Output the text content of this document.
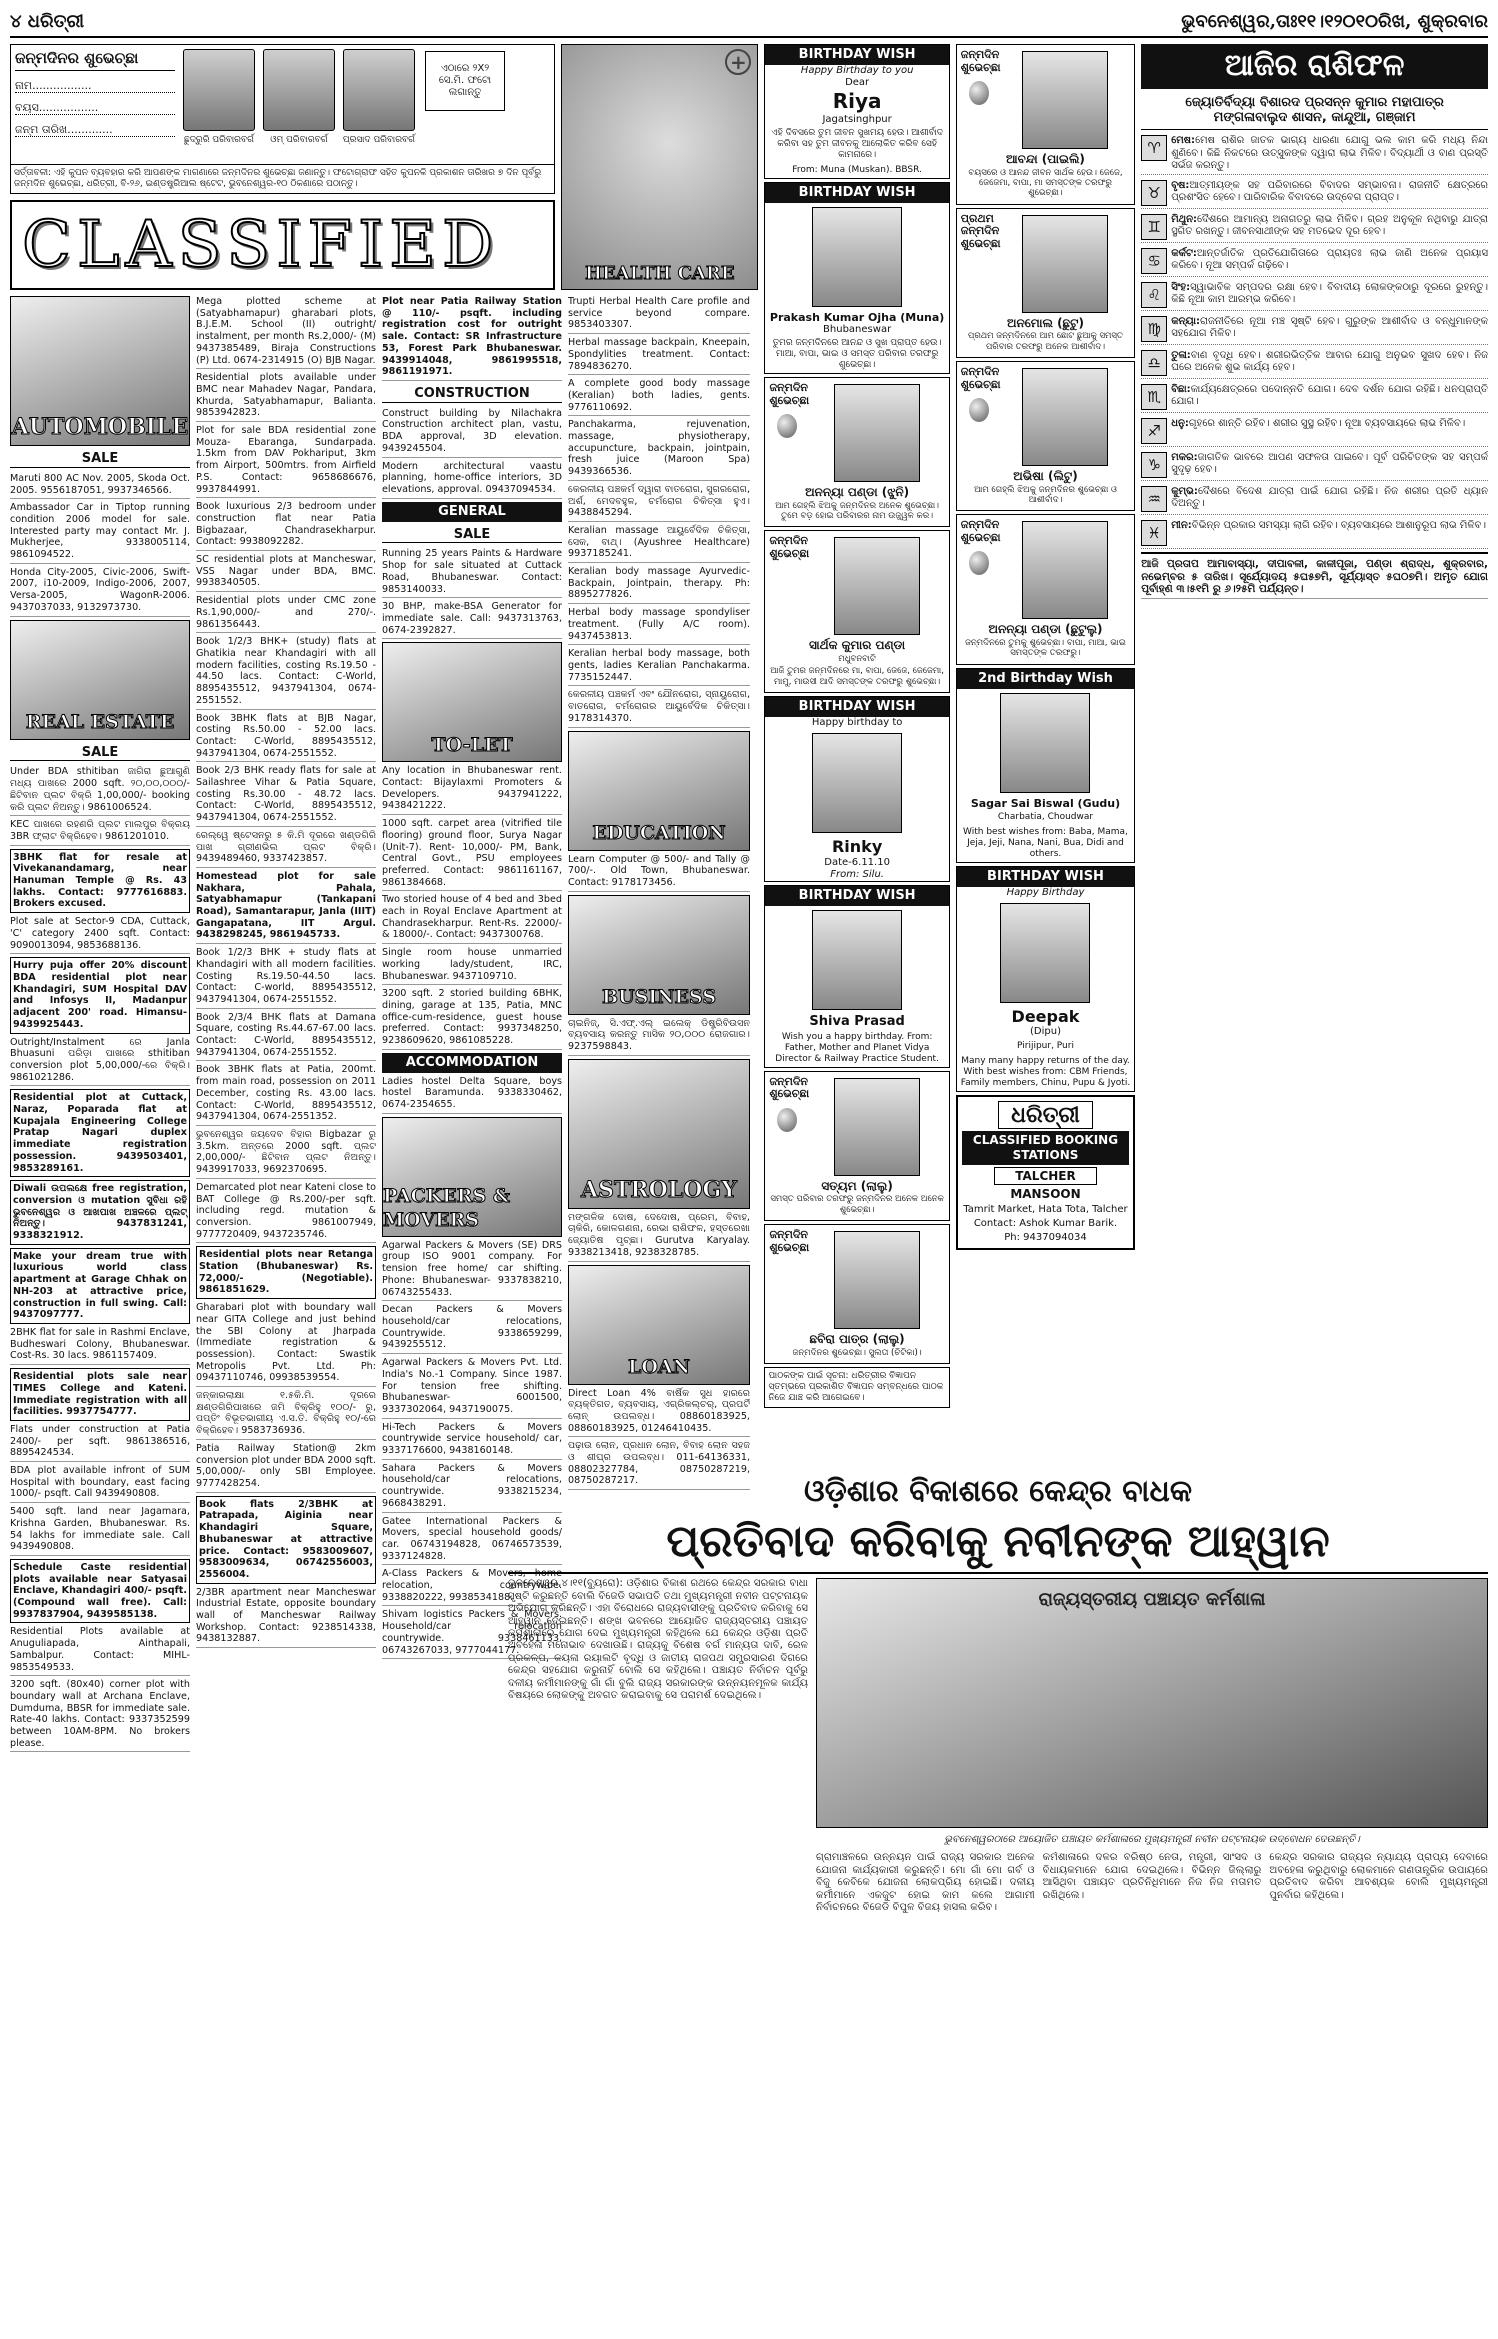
୪ ଧରିତ୍ରୀ	ଭୁବନେଶ୍ୱର,ତାଃ୧୧।୧୨୦୧୦ରିଖ, ଶୁକ୍ରବାର
ଜନ୍ମଦିନର ଶୁଭେଚ୍ଛା
ନାମ.................
ବୟସ.................
ଜନ୍ମ ତାରିଖ.............
ଛୁଦ୍ରୁରି ପରିବାରବର୍ଗ ଓମ୍ ପରିବାରବର୍ଗ ପ୍ରସାଦ ପରିବାରବର୍ଗ
ଏଠାରେ ୨X୨ ସେ.ମି. ଫଟୋ ଲଗାନ୍ତୁ
ସର୍ତ୍ତାବଳୀ: ଏହି କୁପନ ବ୍ୟବହାର କରି ଆପଣଙ୍କ ମାଗଣାରେ ଜନ୍ମଦିନର ଶୁଭେଚ୍ଛା ଜଣାନ୍ତୁ। ଫଟୋଗ୍ରାଫ ସହିତ କୁପନକି ପ୍ରକାଶନ ତାରିଖର ୭ ଦିନ ପୂର୍ବରୁ ଜନ୍ମଦିନ ଶୁଭେଚ୍ଛା, ଧରିତ୍ରୀ, ବି-୨୬, ଇଣ୍ଡଷ୍ଟ୍ରିଆଲ ଷ୍ଟେଟ, ଭୁବନେଶ୍ୱର-୧୦ ଠିକଣାରେ ପଠାନ୍ତୁ।
CLASSIFIED
+
HEALTH CARE
AUTOMOBILE
SALE
Maruti 800 AC Nov. 2005, Skoda Oct. 2005. 9556187051, 9937346566.
Ambassador Car in Tiptop running condition 2006 model for sale. Interested party may contact Mr. J. Mukherjee, 9338005114, 9861094522.
Honda City-2005, Civic-2006, Swift-2007, i10-2009, Indigo-2006, 2007, Versa-2005, WagonR-2006. 9437037033, 9132973730.
REAL ESTATE
SALE
Under BDA sthitiban ଜାଗିରା ଛୁଆଗୁଣି ମଧ୍ୟ ପାଖରେ 2000 sqft. ୨୦,୦୦,୦୦୦/- ଛିଟିବାନ ପ୍ଲଟ ବିକ୍ରି 1,00,000/- booking କରି ପ୍ଲଟ ନିଅନ୍ତୁ। 9861006524.
KEC ପାଖରେ ରହଣରି ପ୍ଲଟ ମାଲପୁର ବିକ୍ରୟ 3BR ଫ୍ଲାଟ ବିକ୍ରିହେବ। 9861201010.
3BHK flat for resale at Vivekanandamarg, near Hanuman Temple @ Rs. 43 lakhs. Contact: 9777616883. Brokers excused.
Plot sale at Sector-9 CDA, Cuttack, 'C' category 2400 sqft. Contact: 9090013094, 9853688136.
Hurry puja offer 20% discount BDA residential plot near Khandagiri, SUM Hospital DAV and Infosys II, Madanpur adjacent 200' road. Himansu-9439925443.
Outright/Instalment ରେ Janla Bhuasuni ପରିଡ଼ା ପାଖରେ sthitiban conversion plot 5,00,000/-ରେ ବିକ୍ରି। 9861021286.
Residential plot at Cuttack, Naraz, Poparada flat at Kupajala Engineering College Pratap Nagari duplex immediate registration possession. 9439503401, 9853289161.
Diwali ଉପଲକ୍ଷେ free registration, conversion ଓ mutation ସୁବିଧା ରହି ଭୁବନେଶ୍ୱର ଓ ଆଖପାଖ ଅଞ୍ଚଳରେ ପ୍ଲଟ୍ ନିଅନ୍ତୁ। 9437831241, 9338321912.
Make your dream true with luxurious world class apartment at Garage Chhak on NH-203 at attractive price, construction in full swing. Call: 9437097777.
2BHK flat for sale in Rashmi Enclave, Budheswari Colony, Bhubaneswar. Cost-Rs. 30 lacs. 9861157409.
Residential plots sale near TIMES College and Kateni. Immediate registration with all facilities. 9937754777.
Flats under construction at Patia 2400/- per sqft. 9861386516, 8895424534.
BDA plot available infront of SUM Hospital with boundary, east facing 1000/- psqft. Call 9439490808.
5400 sqft. land near Jagamara, Krishna Garden, Bhubaneswar. Rs. 54 lakhs for immediate sale. Call 9439490808.
Schedule Caste residential plots available near Satyasai Enclave, Khandagiri 400/- psqft. (Compound wall free). Call: 9937837904, 9439585138.
Residential Plots available at Anuguliapada, Ainthapali, Sambalpur. Contact: MIHL- 9853549533.
3200 sqft. (80x40) corner plot with boundary wall at Archana Enclave, Dumduma, BBSR for immediate sale. Rate-40 lakhs. Contact: 9337352599 between 10AM-8PM. No brokers please.
Mega plotted scheme at (Satyabhamapur) gharabari plots, B.J.E.M. School (II) outright/ instalment, per month Rs.2,000/- (M) 9437385489, Biraja Constructions (P) Ltd. 0674-2314915 (O) BJB Nagar.
Residential plots available under BMC near Mahadev Nagar, Pandara, Khurda, Satyabhamapur, Balianta. 9853942823.
Plot for sale BDA residential zone Mouza- Ebaranga, Sundarpada. 1.5km from DAV Pokhariput, 3km from Airport, 500mtrs. from Airfield P.S. Contact: 9658686676, 9937844991.
Book luxurious 2/3 bedroom under construction flat near Patia Bigbazaar, Chandrasekharpur. Contact: 9938092282.
SC residential plots at Mancheswar, VSS Nagar under BDA, BMC. 9938340505.
Residential plots under CMC zone Rs.1,90,000/- and 270/-. 9861356443.
Book 1/2/3 BHK+ (study) flats at Ghatikia near Khandagiri with all modern facilities, costing Rs.19.50 - 44.50 lacs. Contact: C-World, 8895435512, 9437941304, 0674-2551552.
Book 3BHK flats at BJB Nagar, costing Rs.50.00 - 52.00 lacs. Contact: C-World, 8895435512, 9437941304, 0674-2551552.
Book 2/3 BHK ready flats for sale at Sailashree Vihar & Patia Square, costing Rs.30.00 - 48.72 lacs. Contact: C-World, 8895435512, 9437941304, 0674-2551552.
ରେଲ୍‌ୱେ ଷ୍ଟେସନରୁ ୫ କି.ମି ଦୂରରେ ଖଣ୍ଡଗିରି ପାଖ ଗ୍ରୀଣଭିଲ ପ୍ଲଟ ବିକ୍ରି। 9439489460, 9337423857.
Homestead plot for sale Nakhara, Pahala, Satyabhamapur (Tankapani Road), Samantarapur, Janla (IIIT) Gangapatana, IIT Argul. 9438298245, 9861945733.
Book 1/2/3 BHK + study flats at Khandagiri with all modern facilities. Costing Rs.19.50-44.50 lacs. Contact: C-world, 8895435512, 9437941304, 0674-2551552.
Book 2/3/4 BHK flats at Damana Square, costing Rs.44.67-67.00 lacs. Contact: C-World, 8895435512, 9437941304, 0674-2551552.
Book 3BHK flats at Patia, 200mt. from main road, possession on 2011 December, costing Rs. 43.00 lacs. Contact: C-World, 8895435512, 9437941304, 0674-2551352.
ଭୁବନେଶ୍ୱର ଜୟଦେବ ବିହାର Bigbazar ରୁ 3.5km. ଅନ୍ତରେ 2000 sqft. ପ୍ଲଟ 2,00,000/- ଛିଟିବାନ ପ୍ଲଟ ନିଅନ୍ତୁ। 9439917033, 9692370695.
Demarcated plot near Kateni close to BAT College @ Rs.200/-per sqft. including regd. mutation & conversion. 9861007949, 9777720409, 9437235746.
Residential plots near Retanga Station (Bhubaneswar) Rs. 72,000/- (Negotiable). 9861851629.
Gharabari plot with boundary wall near GITA College and just behind the SBI Colony at Jharpada (Immediate registration & possession). Contact: Swastik Metropolis Pvt. Ltd. Ph: 09437110746, 09938539554.
ଜନ୍‌କାରଲାକ୍ଷା ୧.୫କି.ମି. ଦୂରରେ କ୍ଷଣ୍ଡଗିରିପାଖରେ ଜମି ବିକ୍ରିହୁ ୧୦୦/- ରୁ, ପପ୍ତିଂ ବିଭୂତଭାଗୀୟ ଏ.ସ.ତି. ବିକ୍ରିହୁ ୧୦/-ରେ ବିକ୍ରିହେବ। 9583736936.
Patia Railway Station@ 2km conversion plot under BDA 2000 sqft. 5,00,000/- only SBI Employee. 9777428254.
Book flats 2/3BHK at Patrapada, Aiginia near Khandagiri Square, Bhubaneswar at attractive price. Contact: 9583009607, 9583009634, 06742556003, 2556004.
2/3BR apartment near Mancheswar Industrial Estate, opposite boundary wall of Mancheswar Railway Workshop. Contact: 9238514338, 9438132887.
Plot near Patia Railway Station @ 110/- psqft. including registration cost for outright sale. Contact: SR Infrastructure 53, Forest Park Bhubaneswar. 9439914048, 9861995518, 9861191971.
CONSTRUCTION
Construct building by Nilachakra Construction architect plan, vastu, BDA approval, 3D elevation. 9439245504.
Modern architectural vaastu planning, home-office interiors, 3D elevations, approval. 09437094534.
GENERAL
SALE
Running 25 years Paints & Hardware Shop for sale situated at Cuttack Road, Bhubaneswar. Contact: 9853140033.
30 BHP, make-BSA Generator for immediate sale. Call: 9437313763, 0674-2392827.
TO-LET
Any location in Bhubaneswar rent. Contact: Bijaylaxmi Promoters & Developers. 9437941222, 9438421222.
1000 sqft. carpet area (vitrified tile flooring) ground floor, Surya Nagar (Unit-7). Rent- 10,000/- PM, Bank, Central Govt., PSU employees preferred. Contact: 9861161167, 9861384668.
Two storied house of 4 bed and 3bed each in Royal Enclave Apartment at Chandrasekharpur. Rent-Rs. 22000/- & 18000/-. Contact: 9437300768.
Single room house unmarried working lady/student, IRC, Bhubaneswar. 9437109710.
3200 sqft. 2 storied building 6BHK, dining, garage at 135, Patia, MNC office-cum-residence, guest house preferred. Contact: 9937348250, 9238609620, 9861085228.
ACCOMMODATION
Ladies hostel Delta Square, boys hostel Baramunda. 9338330462, 0674-2354655.
PACKERS & MOVERS
Agarwal Packers & Movers (SE) DRS group ISO 9001 company. For tension free home/ car shifting. Phone: Bhubaneswar- 9337838210, 06743255433.
Decan Packers & Movers household/car relocations, Countrywide. 9338659299, 9439255512.
Agarwal Packers & Movers Pvt. Ltd. India's No.-1 Company. Since 1987. For tension free shifting. Bhubaneswar- 6001500, 9337302064, 9437190075.
Hi-Tech Packers & Movers countrywide service household/ car, 9337176600, 9438160148.
Sahara Packers & Movers household/car relocations, countrywide. 9338215234, 9668438291.
Gatee International Packers & Movers, special household goods/ car. 06743194828, 06746573539, 9337124828.
A-Class Packers & Movers, home relocation, countrywide. 9338820222, 9938534188.
Shivam logistics Packers & Movers. Household/car relocation countrywide. 9338461133, 06743267033, 9777044177.
Trupti Herbal Health Care profile and service beyond compare. 9853403307.
Herbal massage backpain, Kneepain, Spondylities treatment. Contact: 7894836270.
A complete good body massage (Keralian) both ladies, gents. 9776110692.
Panchakarma, rejuvenation, massage, physiotherapy, accupuncture, backpain, jointpain, fresh juice (Maroon Spa) 9439366536.
କେରଳୀୟ ପଞ୍ଚକର୍ମ ଦ୍ୱାରା ବାତରୋଗ, ସୁଗରରୋଗ, ଅର୍ଶ, ମେଦବହୁଳ, ଚର୍ମରୋଗ ଚିକିତ୍ସା ହୁଏ। 9438845294.
Keralian massage ଆୟୁର୍ବେଦିକ ଚିକିତ୍ସା, ସେକ, ବାଥ୍‌। (Ayushree Healthcare) 9937185241.
Keralian body massage Ayurvedic-Backpain, Jointpain, therapy. Ph: 8895277826.
Herbal body massage spondyliser treatment. (Fully A/C room). 9437453813.
Keralian herbal body massage, both gents, ladies Keralian Panchakarma. 7735152447.
କେରଳୀୟ ପଞ୍ଚକର୍ମ ଏବଂ ଯୌନରୋଗ, ସ୍ନାୟୁରୋଗ, ବାତରୋଗ, ଚର୍ମରୋଗର ଆୟୁର୍ବେଦିକ ଚିକିତ୍ସା। 9178314370.
EDUCATION
Learn Computer @ 500/- and Tally @ 700/-. Old Town, Bhubaneswar. Contact: 9178173456.
BUSINESS
ଚାଇନିଜ୍‌, ସି.ଏଫ୍‌.ଏଲ୍‌ ଇଲେକ୍‌ ଡିଷ୍ଟ୍ରିବିଉସନ ବ୍ୟବସାୟ କରନ୍ତୁ ମାସିକ ୨୦,୦୦୦ ରୋଜଗାର। 9237598843.
ASTROLOGY
ମଙ୍ଗଳିକ ଦୋଷ, ଦେଦୋଷ, ପ୍ରେମ, ବିବାହ, ଚାକିରି, କୋଳଗଣନା, ରେଭା ରାଶିଫଳ, ହସ୍ତରେଖା ଜ୍ୟୋତିଷ ପୃଚ୍ଛା। Gurutva Karyalay. 9338213418, 9238328785.
LOAN
Direct Loan 4% ବାର୍ଷିକ ସୁଧ ହାରରେ ବ୍ୟକ୍ତିଗତ, ବ୍ୟବସାୟ, ଏଗ୍ରିକଲ୍ଚର୍‌, ପ୍ରପର୍ଟି ଲୋନ୍‌ ଉପଲବ୍ଧ। 08860183925, 08860183925, 01246410435.
ପଢ଼ାଉ ଲୋନ, ପ୍ରଧାନ ଲୋନ, ବିବାହ ଲୋନ ସହଜ ଓ ଶୀଘ୍ର ଉପଲବ୍ଧ। 011-64136331, 08802327784, 08750287219, 08750287217.
BIRTHDAY WISH
Happy Birthday to you
Dear
Riya
Jagatsinghpur
ଏହି ଦିବସରେ ତୁମ ଜୀବନ ସୁଖମୟ ହେଉ। ଆଶୀର୍ବାଦ କରିବା ସହ ତୁମ ଜୀବନକୁ ଆଲୋକିତ କରିବ ସେହି କାମନାରେ।
From: Muna (Muskan). BBSR.
BIRTHDAY WISH
Prakash Kumar Ojha (Muna)
Bhubaneswar
ତୁମର ଜନ୍ମଦିନରେ ଆନନ୍ଦ ଓ ସୁଖ ପ୍ରାପ୍ତ ହେଉ। ମାଆ, ବାପା, ଭାଇ ଓ ସମସ୍ତ ପରିବାର ତରଫରୁ ଶୁଭେଚ୍ଛା।
ଜନ୍ମଦିନ ଶୁଭେଚ୍ଛା
ଅନନ୍ୟା ପଣ୍ଡା (ଝୁନି)
ଆମ ଗେହ୍ଲି ଝିଅକୁ ଜନ୍ମଦିନର ଅନେକ ଶୁଭେଚ୍ଛା। ତୁମେ ବଡ଼ ହୋଇ ପରିବାରର ନାମ ଉଜ୍ଜ୍ୱଳ କର।
ଜନ୍ମଦିନ ଶୁଭେଚ୍ଛା
ସାର୍ଥକ କୁମାର ପଣ୍ଡା
ମଧୁବନବାଟି
ଆଜି ତୁମର ଜନ୍ମଦିନରେ ମା, ବାପା, ଜେଜେ, ଜେଜେମା, ମାମୁ, ମାଉସୀ ଆଦି ସମସ୍ତଙ୍କ ତରଫରୁ ଶୁଭେଚ୍ଛା।
BIRTHDAY WISH
Happy birthday to
Rinky
Date-6.11.10
From: Silu.
BIRTHDAY WISH
Shiva Prasad
Wish you a happy birthday. From: Father, Mother and Planet Vidya Director & Railway Practice Student.
ଜନ୍ମଦିନ ଶୁଭେଚ୍ଛା
ସତ୍ୟମ (ଲାଲୁ)
ସମସ୍ତ ପରିବାର ତରଫରୁ ଜନ୍ମଦିନର ଅନେକ ଅନେକ ଶୁଭେଚ୍ଛା।
ଜନ୍ମଦିନ ଶୁଭେଚ୍ଛା
ଛବିରା ପାତ୍ର (ଲାଲୁ)
ଜନ୍ମଦିନର ଶୁଭେଚ୍ଛା। ସୁଲତା (ଚିଟିକା)।
ପାଠକଙ୍କ ପାଇଁ ସୂଚନା: ଧରିତ୍ରୀର ବିଜ୍ଞାପନ ସ୍ତମ୍ଭରେ ପ୍ରକାଶିତ ବିଜ୍ଞାପନ ସମ୍ବନ୍ଧରେ ପାଠକ ନିଜେ ଯାଞ୍ଚ କରି ଆଗେଇବେ।
ଜନ୍ମଦିନ ଶୁଭେଚ୍ଛା
ଆବନ୍ଦା (ପାଇଲି)
ବୟସରେ ଓ ଆନନ୍ଦ ଜୀବନ ସାର୍ଥକ ହେଉ। ଜେଜେ, ଜେଜେମା, ବାପା, ମା ସମସ୍ତଙ୍କ ତରଫରୁ ଶୁଭେଚ୍ଛା।
ପ୍ରଥମ ଜନ୍ମଦିନ ଶୁଭେଚ୍ଛା
ଅନମୋଲ (ଛୁଟୁ)
ପ୍ରଥମ ଜନ୍ମଦିନରେ ଆମ ଛୋଟ ଛୁଆକୁ ସମସ୍ତ ପରିବାର ତରଫରୁ ଅନେକ ଆଶୀର୍ବାଦ।
ଜନ୍ମଦିନ ଶୁଭେଚ୍ଛା
ଅଭିଷା (ଲିଟୁ)
ଆମ ଗେହ୍ଲି ଝିଅକୁ ଜନ୍ମଦିନର ଶୁଭେଚ୍ଛା ଓ ଆଶୀର୍ବାଦ।
ଜନ୍ମଦିନ ଶୁଭେଚ୍ଛା
ଅନନ୍ୟା ପଣ୍ଡା (ଛୁଟୁଲୁ)
ଜନ୍ମଦିନରେ ତୁମକୁ ଶୁଭେଚ୍ଛା। ବାପା, ମାଆ, ଭାଇ ସମସ୍ତଙ୍କ ତରଫରୁ।
2nd Birthday Wish
Sagar Sai Biswal (Gudu)
Charbatia, Choudwar
With best wishes from: Baba, Mama, Jeja, Jeji, Nana, Nani, Bua, Didi and others.
BIRTHDAY WISH
Happy Birthday
Deepak
(Dipu)
Pirijipur, Puri
Many many happy returns of the day. With best wishes from: CBM Friends, Family members, Chinu, Pupu & Jyoti.
ଧରିତ୍ରୀ
CLASSIFIED BOOKING STATIONS
TALCHER
MANSOON
Tamrit Market, Hata Tota, Talcher
Contact: Ashok Kumar Barik.
Ph: 9437094034
ଆଜିର ରାଶିଫଳ
ଜ୍ୟୋତିର୍ବିଦ୍ୟା ବିଶାରଦ ପ୍ରସନ୍ନ କୁମାର ମହାପାତ୍ର
ମଙ୍ଗଳାବାଲୁଦ ଶାସନ, କାନ୍ଦୁଆ, ଗଞ୍ଜାମ
♈	ମେଷ:ମେଷ ରାଶିର ଜାତକ ଭାଗ୍ୟ ଧାରଣା ଯୋଗୁ ଭଲ କାମ କରି ମଧ୍ୟ ନିନ୍ଦା ଶୁଣିବେ। କିଛି ନିକଟରେ ଉତ୍ସୁକଙ୍କ ଦ୍ୱାରା ଲାଭ ମିଳିବ। ବିଦ୍ୟାର୍ଥୀ ଓ ବାଣ ପ୍ରସ୍ତି ସର୍ଭଜ କରନ୍ତୁ।
♉	ବୃଷ:ଆତ୍ମୀୟଙ୍କ ସହ ପରିବାରରେ ବିବାଦର ସମ୍ଭାବନା। ରାଜନୀତି କ୍ଷେତ୍ରରେ ପ୍ରଶଂସିତ ହେବେ। ପାରିବାରିକ ବିବାଦରେ ଉଦ୍‌ବେଗ ପ୍ରାପ୍ତ।
♊	ମିଥୁନ:ଦୈଶରେ ଆମାନ୍ୟ ଅନାଗତରୁ ଲାଭ ମିଳିବ। ଗ୍ରହ ଅନୁକୂଳ ନଥିବାରୁ ଯାତ୍ରା ସ୍ଥଗିତ ରଖନ୍ତୁ। ଜୀବନସାଥୀଙ୍କ ସହ ମତଭେଦ ଦୂର ହେବ।
♋	କର୍କଟ:ଆନ୍ତର୍ଜାତିକ ପ୍ରତିଯୋଗିତାରେ ପ୍ରାୟତଃ ଲାଭ ଜାଣି ଅନେକ ପ୍ରୟାସ କରିବେ। ନୂଆ ସମ୍ପର୍କ ଗଢ଼ିବେ।
♌	ସିଂହ:ସ୍ୱାଭାବିକ ସମ୍ପଦର ରକ୍ଷା ହେବ। ବିବାଦୀୟ ଲୋକଙ୍କଠାରୁ ଦୂରରେ ରୁହନ୍ତୁ। କିଛି ନୂଆ କାମ ଆରମ୍ଭ କରିବେ।
♍	କନ୍ୟା:ରାଜନୀତିରେ ନୂଆ ମଞ୍ଚ ସୃଷ୍ଟି ହେବ। ଗୁରୁଙ୍କ ଆଶୀର୍ବାଦ ଓ ବନ୍ଧୁମାନଙ୍କ ସହଯୋଗ ମିଳିବ।
♎	ତୁଳା:ବାଣ ବୃଦ୍ଧି ହେବ। ଶରୀରଭିତ୍ତିକ ଆବାର ଯୋଗୁ ଅନୁଭବ ସୁଖଦ ହେବ। ନିଜ ଘରେ ଅନେକ ଶୁଭ କାର୍ଯ୍ୟ ହେବ।
♏	ବିଛା:କାର୍ଯ୍ୟକ୍ଷେତ୍ରରେ ପଦୋନ୍ନତି ଯୋଗ। ଦେବ ଦର୍ଶନ ଯୋଗ ରହିଛି। ଧନପ୍ରାପ୍ତି ଯୋଗ।
♐	ଧନୁ:ଗୃହରେ ଶାନ୍ତି ରହିବ। ଶରୀର ସୁସ୍ଥ ରହିବ। ନୂଆ ବ୍ୟବସାୟରେ ଲାଭ ମିଳିବ।
♑	ମକର:ଜାଗତିକ ଭାବରେ ଆପଣ ସଫଳତା ପାଇବେ। ପୂର୍ବ ପରିଚିତଙ୍କ ସହ ସମ୍ପର୍କ ସୁଦୃଢ଼ ହେବ।
♒	କୁମ୍ଭ:ଦୈଶରେ ବିଦେଶ ଯାତ୍ରା ପାଇଁ ଯୋଗ ରହିଛି। ନିଜ ଶରୀର ପ୍ରତି ଧ୍ୟାନ ଦିଅନ୍ତୁ।
♓	ମୀନ:ବିଭିନ୍ନ ପ୍ରକାର ସମସ୍ୟା ଲାଗି ରହିବ। ବ୍ୟବସାୟରେ ଆଶାନୁରୂପ ଲାଭ ମିଳିବ।
ଆଜି ପ୍ରତାପ ଆମାବାସ୍ୟା, ଦୀପାବଳୀ, କାଳୀପୂଜା, ପଣ୍ଡା ଶ୍ରାଦ୍ଧ, ଶୁକ୍ରବାର, ନଭେମ୍ବର ୫ ତାରିଖ। ସୂର୍ଯ୍ୟୋଦୟ ୫ଘ୫୭ମି, ସୂର୍ଯ୍ୟାସ୍ତ ୫ଘ୦୭ମି। ଅମୃତ ଯୋଗ ପୂର୍ବାହ୍ଣ ୩।୫୧ମି ରୁ ୬।୨୫ମି ପର୍ଯ୍ୟନ୍ତ।
ଓଡ଼ିଶାର ବିକାଶରେ କେନ୍ଦ୍ର ବାଧକ
ପ୍ରତିବାଦ କରିବାକୁ ନବୀନଙ୍କ ଆହ୍ୱାନ
ଭୁବନେଶ୍ୱର,୪।୧୧(ବ୍ୟୁରୋ): ଓଡ଼ିଶାର ବିକାଶ ରଥରେ କେନ୍ଦ୍ର ସରକାର ବାଧା ସୃଷ୍ଟି କରୁଛନ୍ତି ବୋଲି ବିଜେଡି ସଭାପତି ତଥା ମୁଖ୍ୟମନ୍ତ୍ରୀ ନବୀନ ପଟ୍ଟନାୟକ ଅଭିଯୋଗ କରିଛନ୍ତି। ଏହା ବିରୋଧରେ ରାଜ୍ୟବାସୀଙ୍କୁ ପ୍ରତିବାଦ କରିବାକୁ ସେ ଆହ୍ୱାନ ଦେଇଛନ୍ତି। ଶଙ୍ଖ ଭବନରେ ଆୟୋଜିତ ରାଜ୍ୟସ୍ତରୀୟ ପଞ୍ଚାୟତ କର୍ମଶାଳାରେ ଯୋଗ ଦେଇ ମୁଖ୍ୟମନ୍ତ୍ରୀ କହିଥିଲେ ଯେ କେନ୍ଦ୍ର ଓଡ଼ିଶା ପ୍ରତି ଅବହେଳା ମନୋଭାବ ଦେଖାଉଛି। ରାଜ୍ୟକୁ ବିଶେଷ ବର୍ଗ ମାନ୍ୟତା ଦାବି, ରେଳ ପ୍ରକଳ୍ପ, କୟଳା ରୟାଲଟି ବୃଦ୍ଧି ଓ ଜାତୀୟ ରାଜପଥ ସମ୍ପ୍ରସାରଣ ଦିଗରେ କେନ୍ଦ୍ର ସହଯୋଗ କରୁନାହିଁ ବୋଲି ସେ କହିଥିଲେ। ପଞ୍ଚାୟତ ନିର୍ବାଚନ ପୂର୍ବରୁ ଦଳୀୟ କର୍ମୀମାନଙ୍କୁ ଗାଁ ଗାଁ ବୁଲି ରାଜ୍ୟ ସରକାରଙ୍କ ଉନ୍ନୟନମୂଳକ କାର୍ଯ୍ୟ ବିଷୟରେ ଲୋକଙ୍କୁ ଅବଗତ କରାଇବାକୁ ସେ ପରାମର୍ଶ ଦେଇଥିଲେ।
ରାଜ୍ୟସ୍ତରୀୟ ପଞ୍ଚାୟତ କର୍ମଶାଳା
ଭୁବନେଶ୍ୱରଠାରେ ଆୟୋଜିତ ପଞ୍ଚାୟତ କର୍ମଶାଳାରେ ମୁଖ୍ୟମନ୍ତ୍ରୀ ନବୀନ ପଟ୍ଟନାୟକ ଉଦ୍‌ବୋଧନ ଦେଉଛନ୍ତି।
ଗ୍ରାମାଞ୍ଚଳରେ ଉନ୍ନୟନ ପାଇଁ ରାଜ୍ୟ ସରକାର ଅନେକ ଯୋଜନା କାର୍ଯ୍ୟକାରୀ କରୁଛନ୍ତି। ମୋ ଗାଁ ମୋ ଗର୍ବ ଓ ବିଜୁ କେବିକେ ଯୋଜନା ଲୋକପ୍ରିୟ ହୋଇଛି। ଦଳୀୟ କର୍ମୀମାନେ ଏକଜୁଟ ହୋଇ କାମ କଲେ ଆଗାମୀ ନିର୍ବାଚନରେ ବିଜେଡି ବିପୁଳ ବିଜୟ ହାସଲ କରିବ।
କର୍ମଶାଳାରେ ଦଳର ବରିଷ୍ଠ ନେତା, ମନ୍ତ୍ରୀ, ସାଂସଦ ଓ ବିଧାୟକମାନେ ଯୋଗ ଦେଇଥିଲେ। ବିଭିନ୍ନ ଜିଲ୍ଲାରୁ ଆସିଥିବା ପଞ୍ଚାୟତ ପ୍ରତିନିଧିମାନେ ନିଜ ନିଜ ମତାମତ ରଖିଥିଲେ।
କେନ୍ଦ୍ର ସରକାର ରାଜ୍ୟର ନ୍ୟାଯ୍ୟ ପ୍ରାପ୍ୟ ଦେବାରେ ଅବହେଳା କରୁଥିବାରୁ ଲୋକମାନେ ଗଣତାନ୍ତ୍ରିକ ଉପାୟରେ ପ୍ରତିବାଦ କରିବା ଆବଶ୍ୟକ ବୋଲି ମୁଖ୍ୟମନ୍ତ୍ରୀ ପୁନର୍ବାର କହିଥିଲେ।
